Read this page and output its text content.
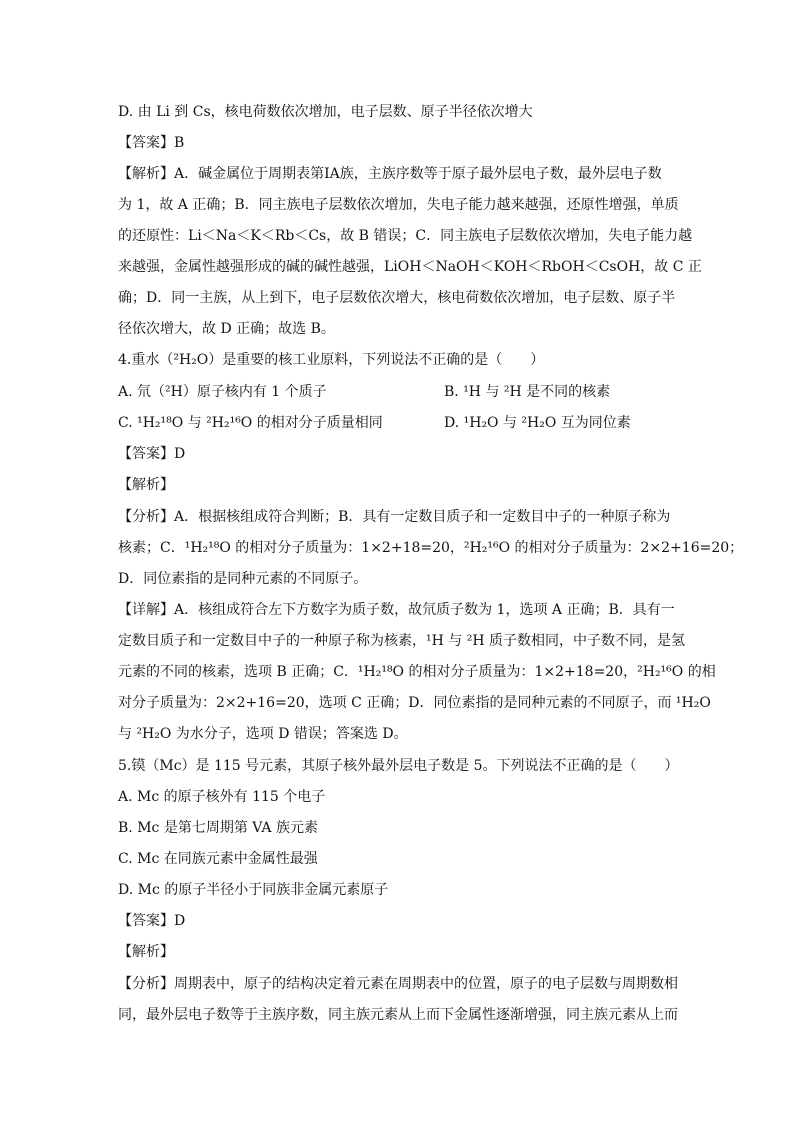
D. 由 Li 到 Cs，核电荷数依次增加，电子层数、原子半径依次增大
【答案】B
【解析】A．碱金属位于周期表第ⅠA族，主族序数等于原子最外层电子数，最外层电子数
为 1，故 A 正确；B．同主族电子层数依次增加，失电子能力越来越强，还原性增强，单质
的还原性：Li＜Na＜K＜Rb＜Cs，故 B 错误；C．同主族电子层数依次增加，失电子能力越
来越强，金属性越强形成的碱的碱性越强，LiOH＜NaOH＜KOH＜RbOH＜CsOH，故 C 正
确；D．同一主族，从上到下，电子层数依次增大，核电荷数依次增加，电子层数、原子半
径依次增大，故 D 正确；故选 B。
4.重水（²H₂O）是重要的核工业原料，下列说法不正确的是（　　）
A. 氘（²H）原子核内有 1 个质子	B. ¹H 与 ²H 是不同的核素
C. ¹H₂¹⁸O 与 ²H₂¹⁶O 的相对分子质量相同	D. ¹H₂O 与 ²H₂O 互为同位素
【答案】D
【解析】
【分析】A．根据核组成符合判断；B．具有一定数目质子和一定数目中子的一种原子称为
核素；C．¹H₂¹⁸O 的相对分子质量为：1×2+18=20，²H₂¹⁶O 的相对分子质量为：2×2+16=20；
D．同位素指的是同种元素的不同原子。
【详解】A．核组成符合左下方数字为质子数，故氘质子数为 1，选项 A 正确；B．具有一
定数目质子和一定数目中子的一种原子称为核素，¹H 与 ²H 质子数相同，中子数不同，是氢
元素的不同的核素，选项 B 正确；C．¹H₂¹⁸O 的相对分子质量为：1×2+18=20，²H₂¹⁶O 的相
对分子质量为：2×2+16=20，选项 C 正确；D．同位素指的是同种元素的不同原子，而 ¹H₂O
与 ²H₂O 为水分子，选项 D 错误；答案选 D。
5.镆（Mc）是 115 号元素，其原子核外最外层电子数是 5。下列说法不正确的是（　　）
A. Mc 的原子核外有 115 个电子
B. Mc 是第七周期第 VA 族元素
C. Mc 在同族元素中金属性最强
D. Mc 的原子半径小于同族非金属元素原子
【答案】D
【解析】
【分析】周期表中，原子的结构决定着元素在周期表中的位置，原子的电子层数与周期数相
同，最外层电子数等于主族序数，同主族元素从上而下金属性逐渐增强，同主族元素从上而
